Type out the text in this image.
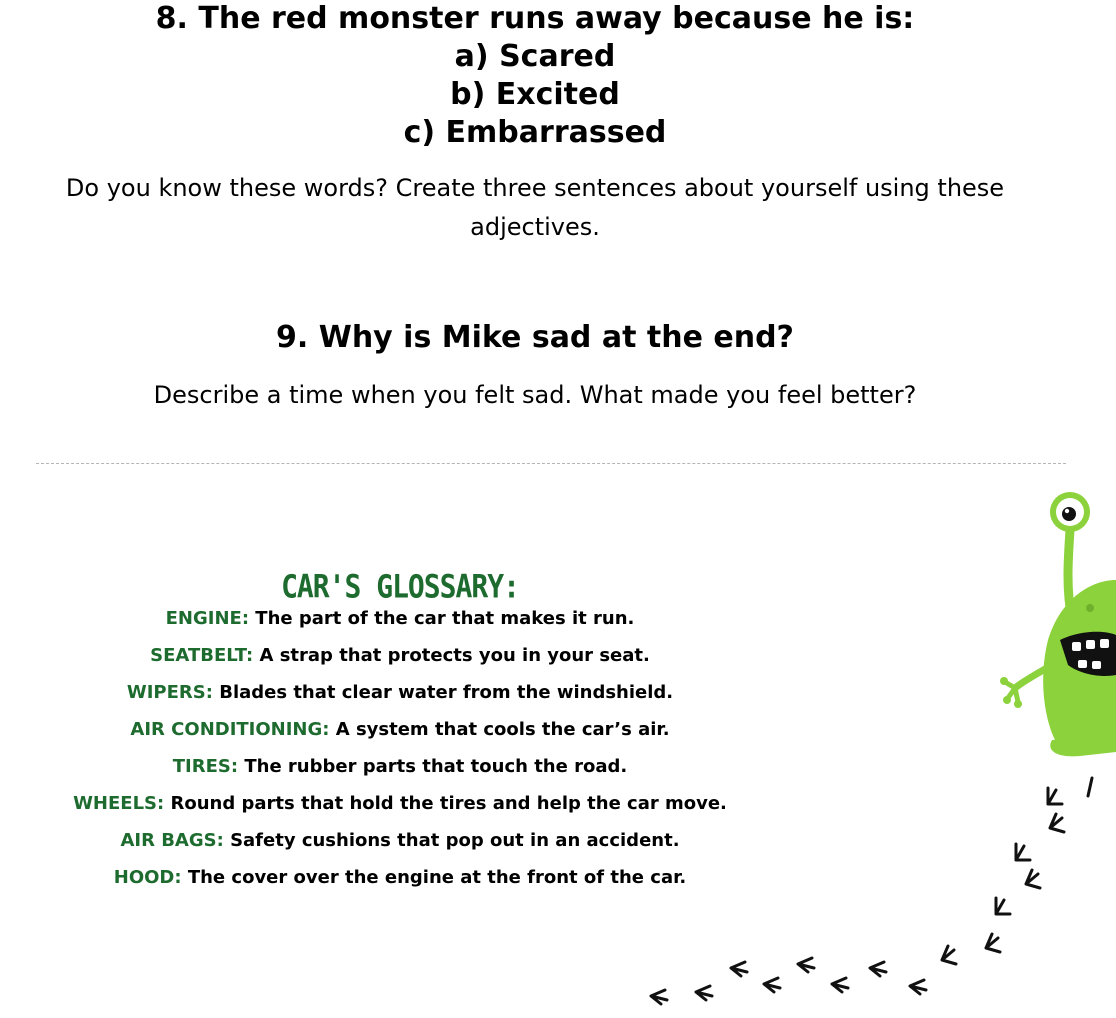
8. The red monster runs away because he is:
a) Scared
b) Excited
c) Embarrassed
Do you know these words? Create three sentences about yourself using these adjectives.
9. Why is Mike sad at the end?
Describe a time when you felt sad. What made you feel better?
CAR'S GLOSSARY:
ENGINE: The part of the car that makes it run.
SEATBELT: A strap that protects you in your seat.
WIPERS: Blades that clear water from the windshield.
AIR CONDITIONING: A system that cools the car’s air.
TIRES: The rubber parts that touch the road.
WHEELS: Round parts that hold the tires and help the car move.
AIR BAGS: Safety cushions that pop out in an accident.
HOOD: The cover over the engine at the front of the car.
